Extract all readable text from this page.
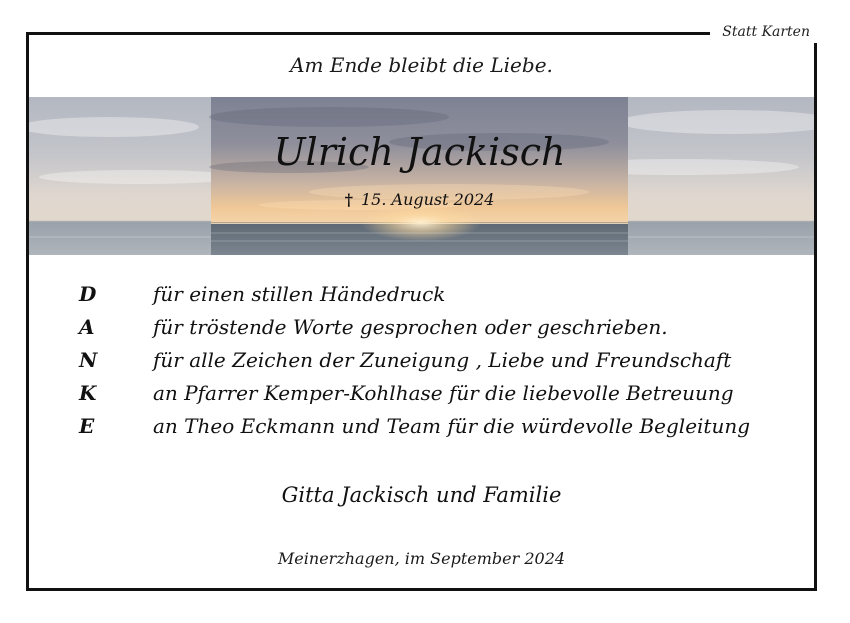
Statt Karten
Am Ende bleibt die Liebe.
Ulrich Jackisch
† 15. August 2024
D	für einen stillen Händedruck
A	für tröstende Worte gesprochen oder geschrieben.
N	für alle Zeichen der Zuneigung , Liebe und Freundschaft
K	an Pfarrer Kemper-Kohlhase für die liebevolle Betreuung
E	an Theo Eckmann und Team für die würdevolle Begleitung
Gitta Jackisch und Familie
Meinerzhagen, im September 2024
